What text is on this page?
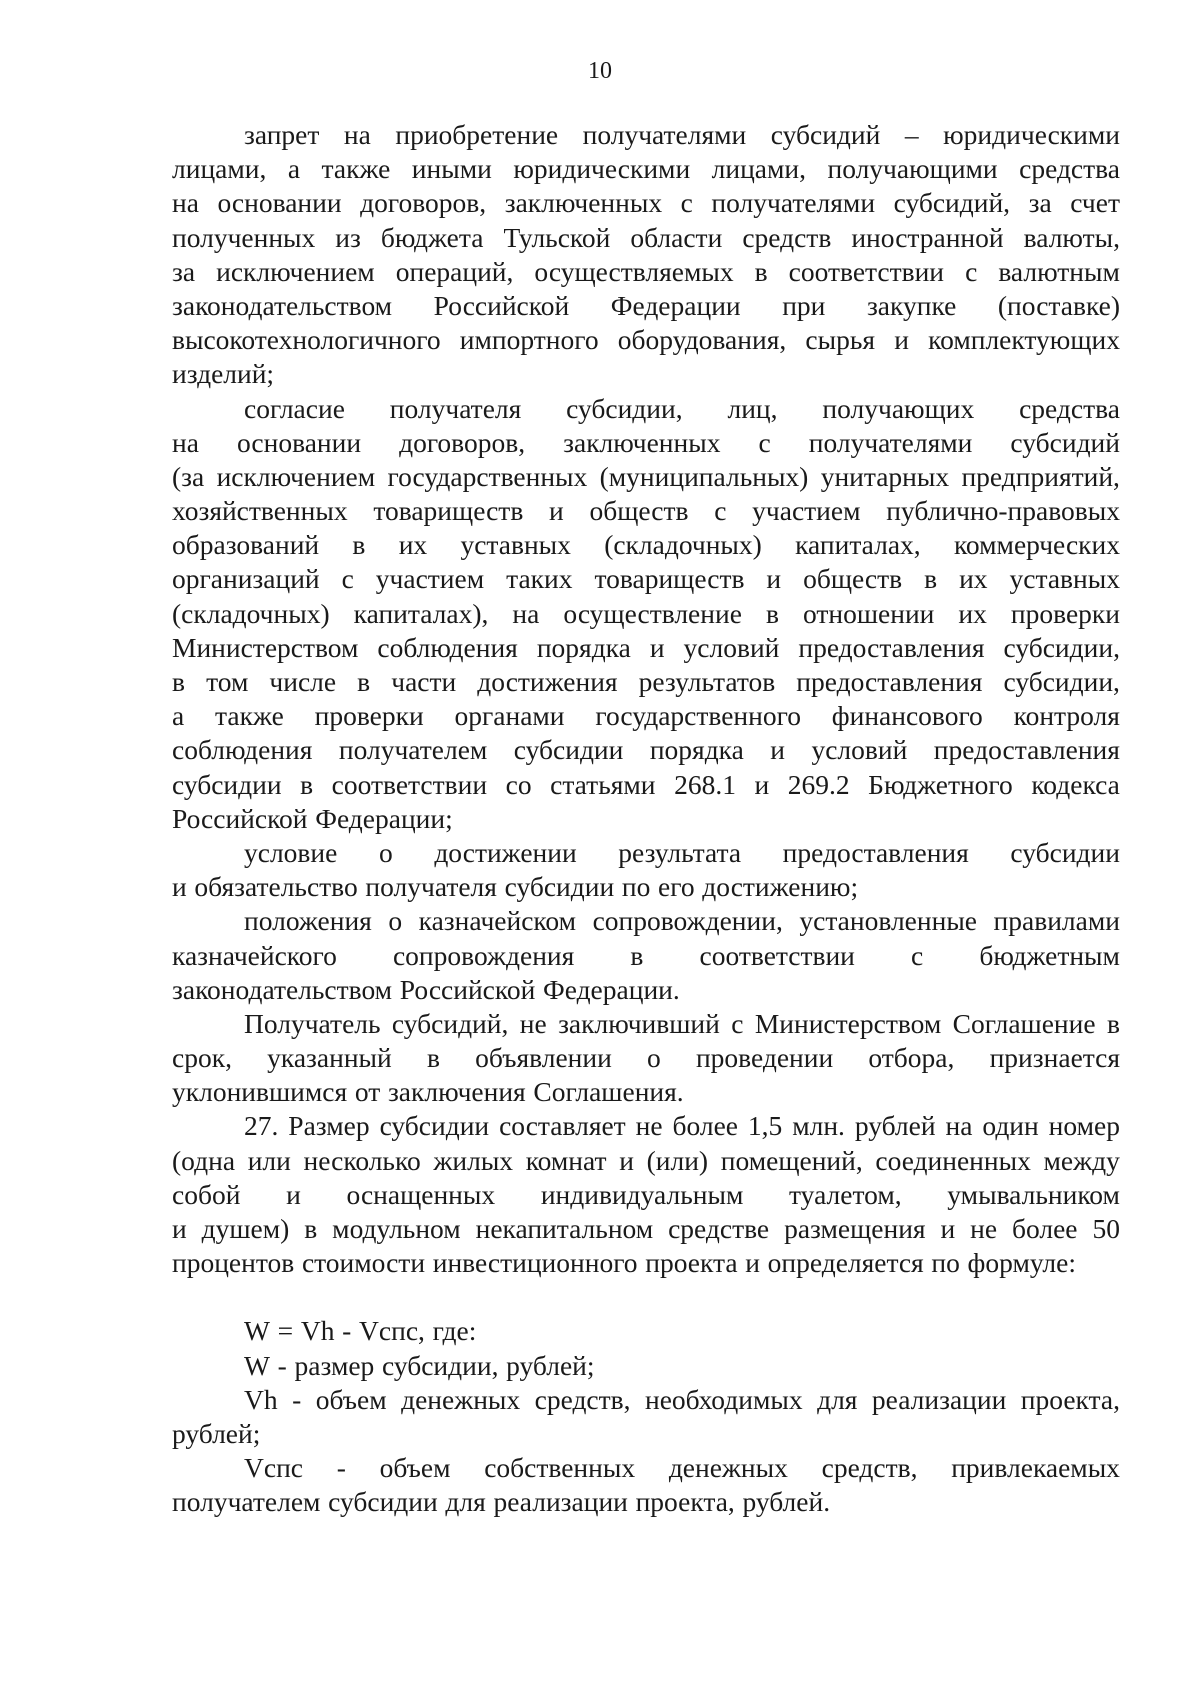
10
запрет на приобретение получателями субсидий – юридическими
лицами, а также иными юридическими лицами, получающими средства
на основании договоров, заключенных с получателями субсидий, за счет
полученных из бюджета Тульской области средств иностранной валюты,
за исключением операций, осуществляемых в соответствии с валютным
законодательством Российской Федерации при закупке (поставке)
высокотехнологичного импортного оборудования, сырья и комплектующих
изделий;
согласие получателя субсидии, лиц, получающих средства
на основании договоров, заключенных с получателями субсидий
(за исключением государственных (муниципальных) унитарных предприятий,
хозяйственных товариществ и обществ с участием публично-правовых
образований в их уставных (складочных) капиталах, коммерческих
организаций с участием таких товариществ и обществ в их уставных
(складочных) капиталах), на осуществление в отношении их проверки
Министерством соблюдения порядка и условий предоставления субсидии,
в том числе в части достижения результатов предоставления субсидии,
а также проверки органами государственного финансового контроля
соблюдения получателем субсидии порядка и условий предоставления
субсидии в соответствии со статьями 268.1 и 269.2 Бюджетного кодекса
Российской Федерации;
условие о достижении результата предоставления субсидии
и обязательство получателя субсидии по его достижению;
положения о казначейском сопровождении, установленные правилами
казначейского сопровождения в соответствии с бюджетным
законодательством Российской Федерации.
Получатель субсидий, не заключивший с Министерством Соглашение в
срок, указанный в объявлении о проведении отбора, признается
уклонившимся от заключения Соглашения.
27. Размер субсидии составляет не более 1,5 млн. рублей на один номер
(одна или несколько жилых комнат и (или) помещений, соединенных между
собой и оснащенных индивидуальным туалетом, умывальником
и душем) в модульном некапитальном средстве размещения и не более 50
процентов стоимости инвестиционного проекта и определяется по формуле:
W = Vh - Vспс, где:
W - размер субсидии, рублей;
Vh - объем денежных средств, необходимых для реализации проекта,
рублей;
Vспс - объем собственных денежных средств, привлекаемых
получателем субсидии для реализации проекта, рублей.
